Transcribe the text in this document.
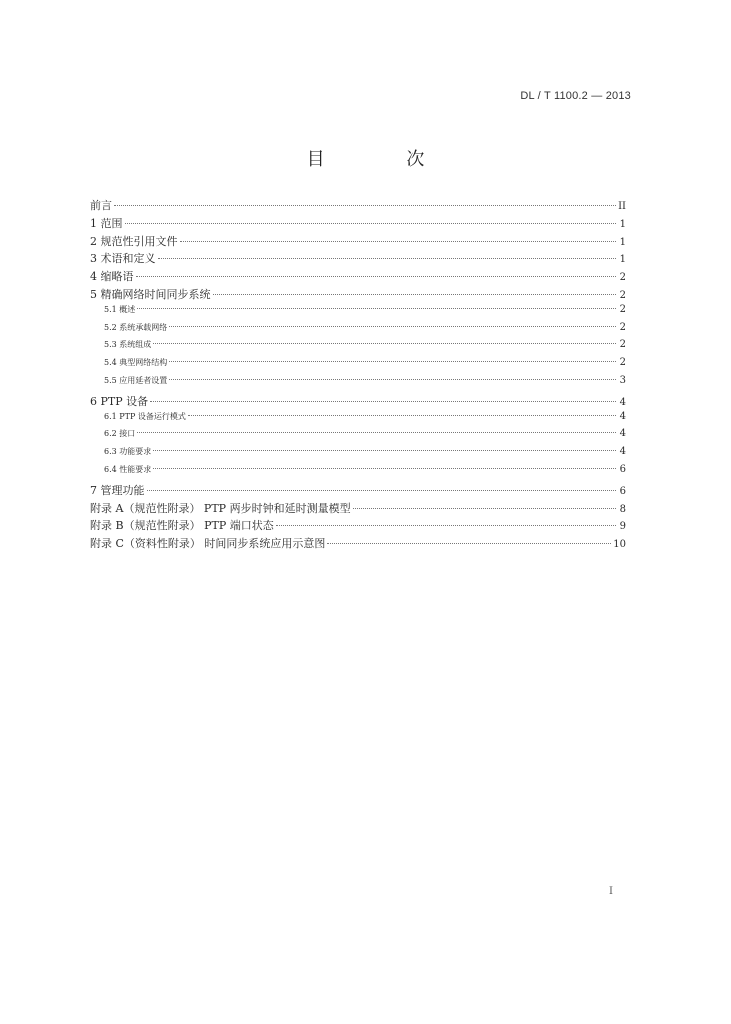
DL / T 1100.2 — 2013
目 次
前言	II
1 范围	1
2 规范性引用文件	1
3 术语和定义	1
4 缩略语	2
5 精确网络时间同步系统	2
5.1 概述	2
5.2 系统承载网络	2
5.3 系统组成	2
5.4 典型网络结构	2
5.5 应用延者设置	3
6 PTP 设备	4
6.1 PTP 设备运行模式	4
6.2 接口	4
6.3 功能要求	4
6.4 性能要求	6
7 管理功能	6
附录 A（规范性附录） PTP 两步时钟和延时测量模型	8
附录 B（规范性附录） PTP 端口状态	9
附录 C（资料性附录） 时间同步系统应用示意图	10
I
